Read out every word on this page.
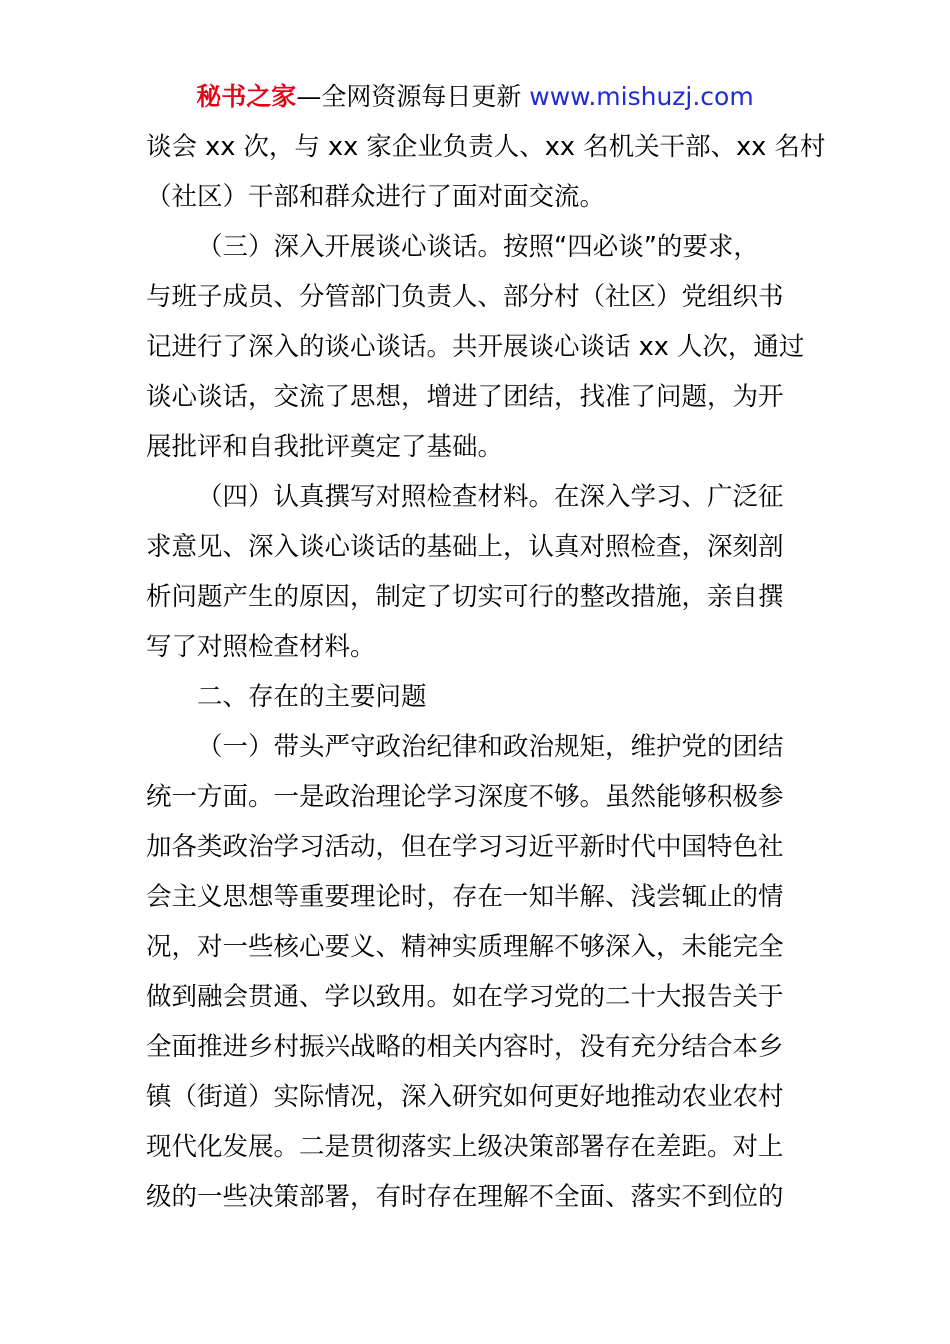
秘书之家—全网资源每日更新 www.mishuzj.com
谈会 xx 次，与 xx 家企业负责人、xx 名机关干部、xx 名村
（社区）干部和群众进行了面对面交流。
（三）深入开展谈心谈话。按照“四必谈”的要求，
与班子成员、分管部门负责人、部分村（社区）党组织书
记进行了深入的谈心谈话。共开展谈心谈话 xx 人次，通过
谈心谈话，交流了思想，增进了团结，找准了问题，为开
展批评和自我批评奠定了基础。
（四）认真撰写对照检查材料。在深入学习、广泛征
求意见、深入谈心谈话的基础上，认真对照检查，深刻剖
析问题产生的原因，制定了切实可行的整改措施，亲自撰
写了对照检查材料。
二、存在的主要问题
（一）带头严守政治纪律和政治规矩，维护党的团结
统一方面。一是政治理论学习深度不够。虽然能够积极参
加各类政治学习活动，但在学习习近平新时代中国特色社
会主义思想等重要理论时，存在一知半解、浅尝辄止的情
况，对一些核心要义、精神实质理解不够深入，未能完全
做到融会贯通、学以致用。如在学习党的二十大报告关于
全面推进乡村振兴战略的相关内容时，没有充分结合本乡
镇（街道）实际情况，深入研究如何更好地推动农业农村
现代化发展。二是贯彻落实上级决策部署存在差距。对上
级的一些决策部署，有时存在理解不全面、落实不到位的
